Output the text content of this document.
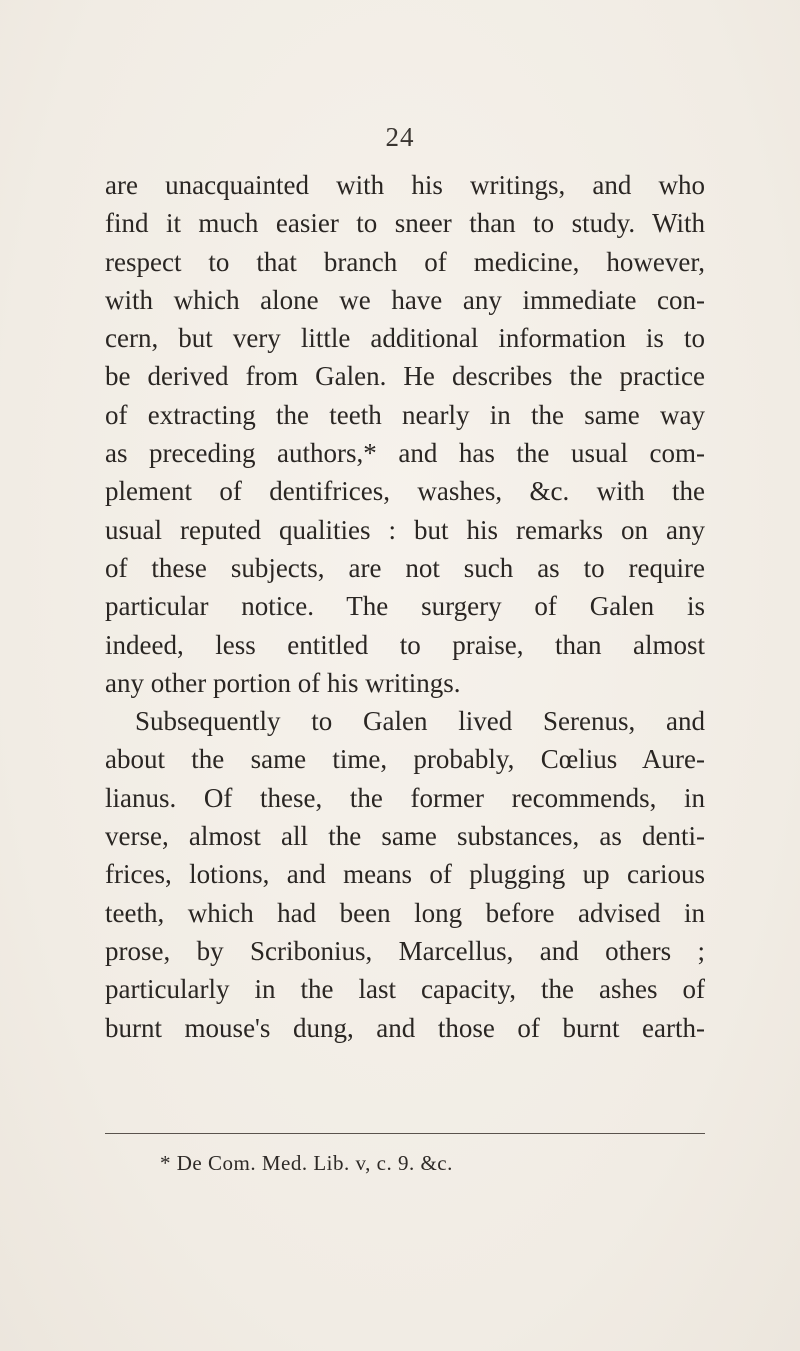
24
are unacquainted with his writings, and who
find it much easier to sneer than to study. With
respect to that branch of medicine, however,
with which alone we have any immediate con-
cern, but very little additional information is to
be derived from Galen. He describes the practice
of extracting the teeth nearly in the same way
as preceding authors,* and has the usual com-
plement of dentifrices, washes, &c. with the
usual reputed qualities : but his remarks on any
of these subjects, are not such as to require
particular notice. The surgery of Galen is
indeed, less entitled to praise, than almost
any other portion of his writings.
Subsequently to Galen lived Serenus, and
about the same time, probably, Cœlius Aure-
lianus. Of these, the former recommends, in
verse, almost all the same substances, as denti-
frices, lotions, and means of plugging up carious
teeth, which had been long before advised in
prose, by Scribonius, Marcellus, and others ;
particularly in the last capacity, the ashes of
burnt mouse's dung, and those of burnt earth-
* De Com. Med. Lib. v, c. 9. &c.
